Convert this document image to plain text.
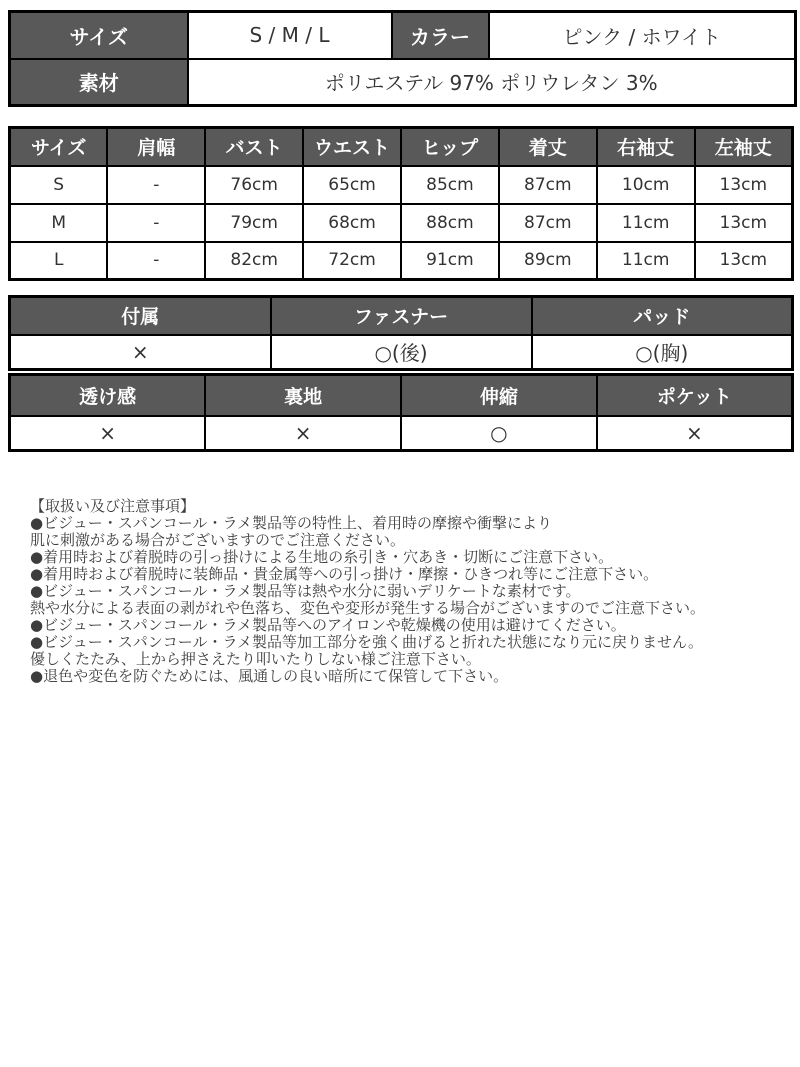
サイズ	S / M / L	カラー	ピンク / ホワイト
素材	ポリエステル 97% ポリウレタン 3%		
サイズ	肩幅	バスト	ウエスト	ヒップ	着丈	右袖丈	左袖丈
S	-	76cm	65cm	85cm	87cm	10cm	13cm
M	-	79cm	68cm	88cm	87cm	11cm	13cm
L	-	82cm	72cm	91cm	89cm	11cm	13cm
付属	ファスナー	パッド
×	○(後)	○(胸)
透け感	裏地	伸縮	ポケット
×	×	○	×
【取扱い及び注意事項】
●ビジュー・スパンコール・ラメ製品等の特性上、着用時の摩擦や衝撃により
肌に刺激がある場合がございますのでご注意ください。
●着用時および着脱時の引っ掛けによる生地の糸引き・穴あき・切断にご注意下さい。
●着用時および着脱時に装飾品・貴金属等への引っ掛け・摩擦・ひきつれ等にご注意下さい。
●ビジュー・スパンコール・ラメ製品等は熱や水分に弱いデリケートな素材です。
熱や水分による表面の剥がれや色落ち、変色や変形が発生する場合がございますのでご注意下さい。
●ビジュー・スパンコール・ラメ製品等へのアイロンや乾燥機の使用は避けてください。
●ビジュー・スパンコール・ラメ製品等加工部分を強く曲げると折れた状態になり元に戻りません。
優しくたたみ、上から押さえたり叩いたりしない様ご注意下さい。
●退色や変色を防ぐためには、風通しの良い暗所にて保管して下さい。
